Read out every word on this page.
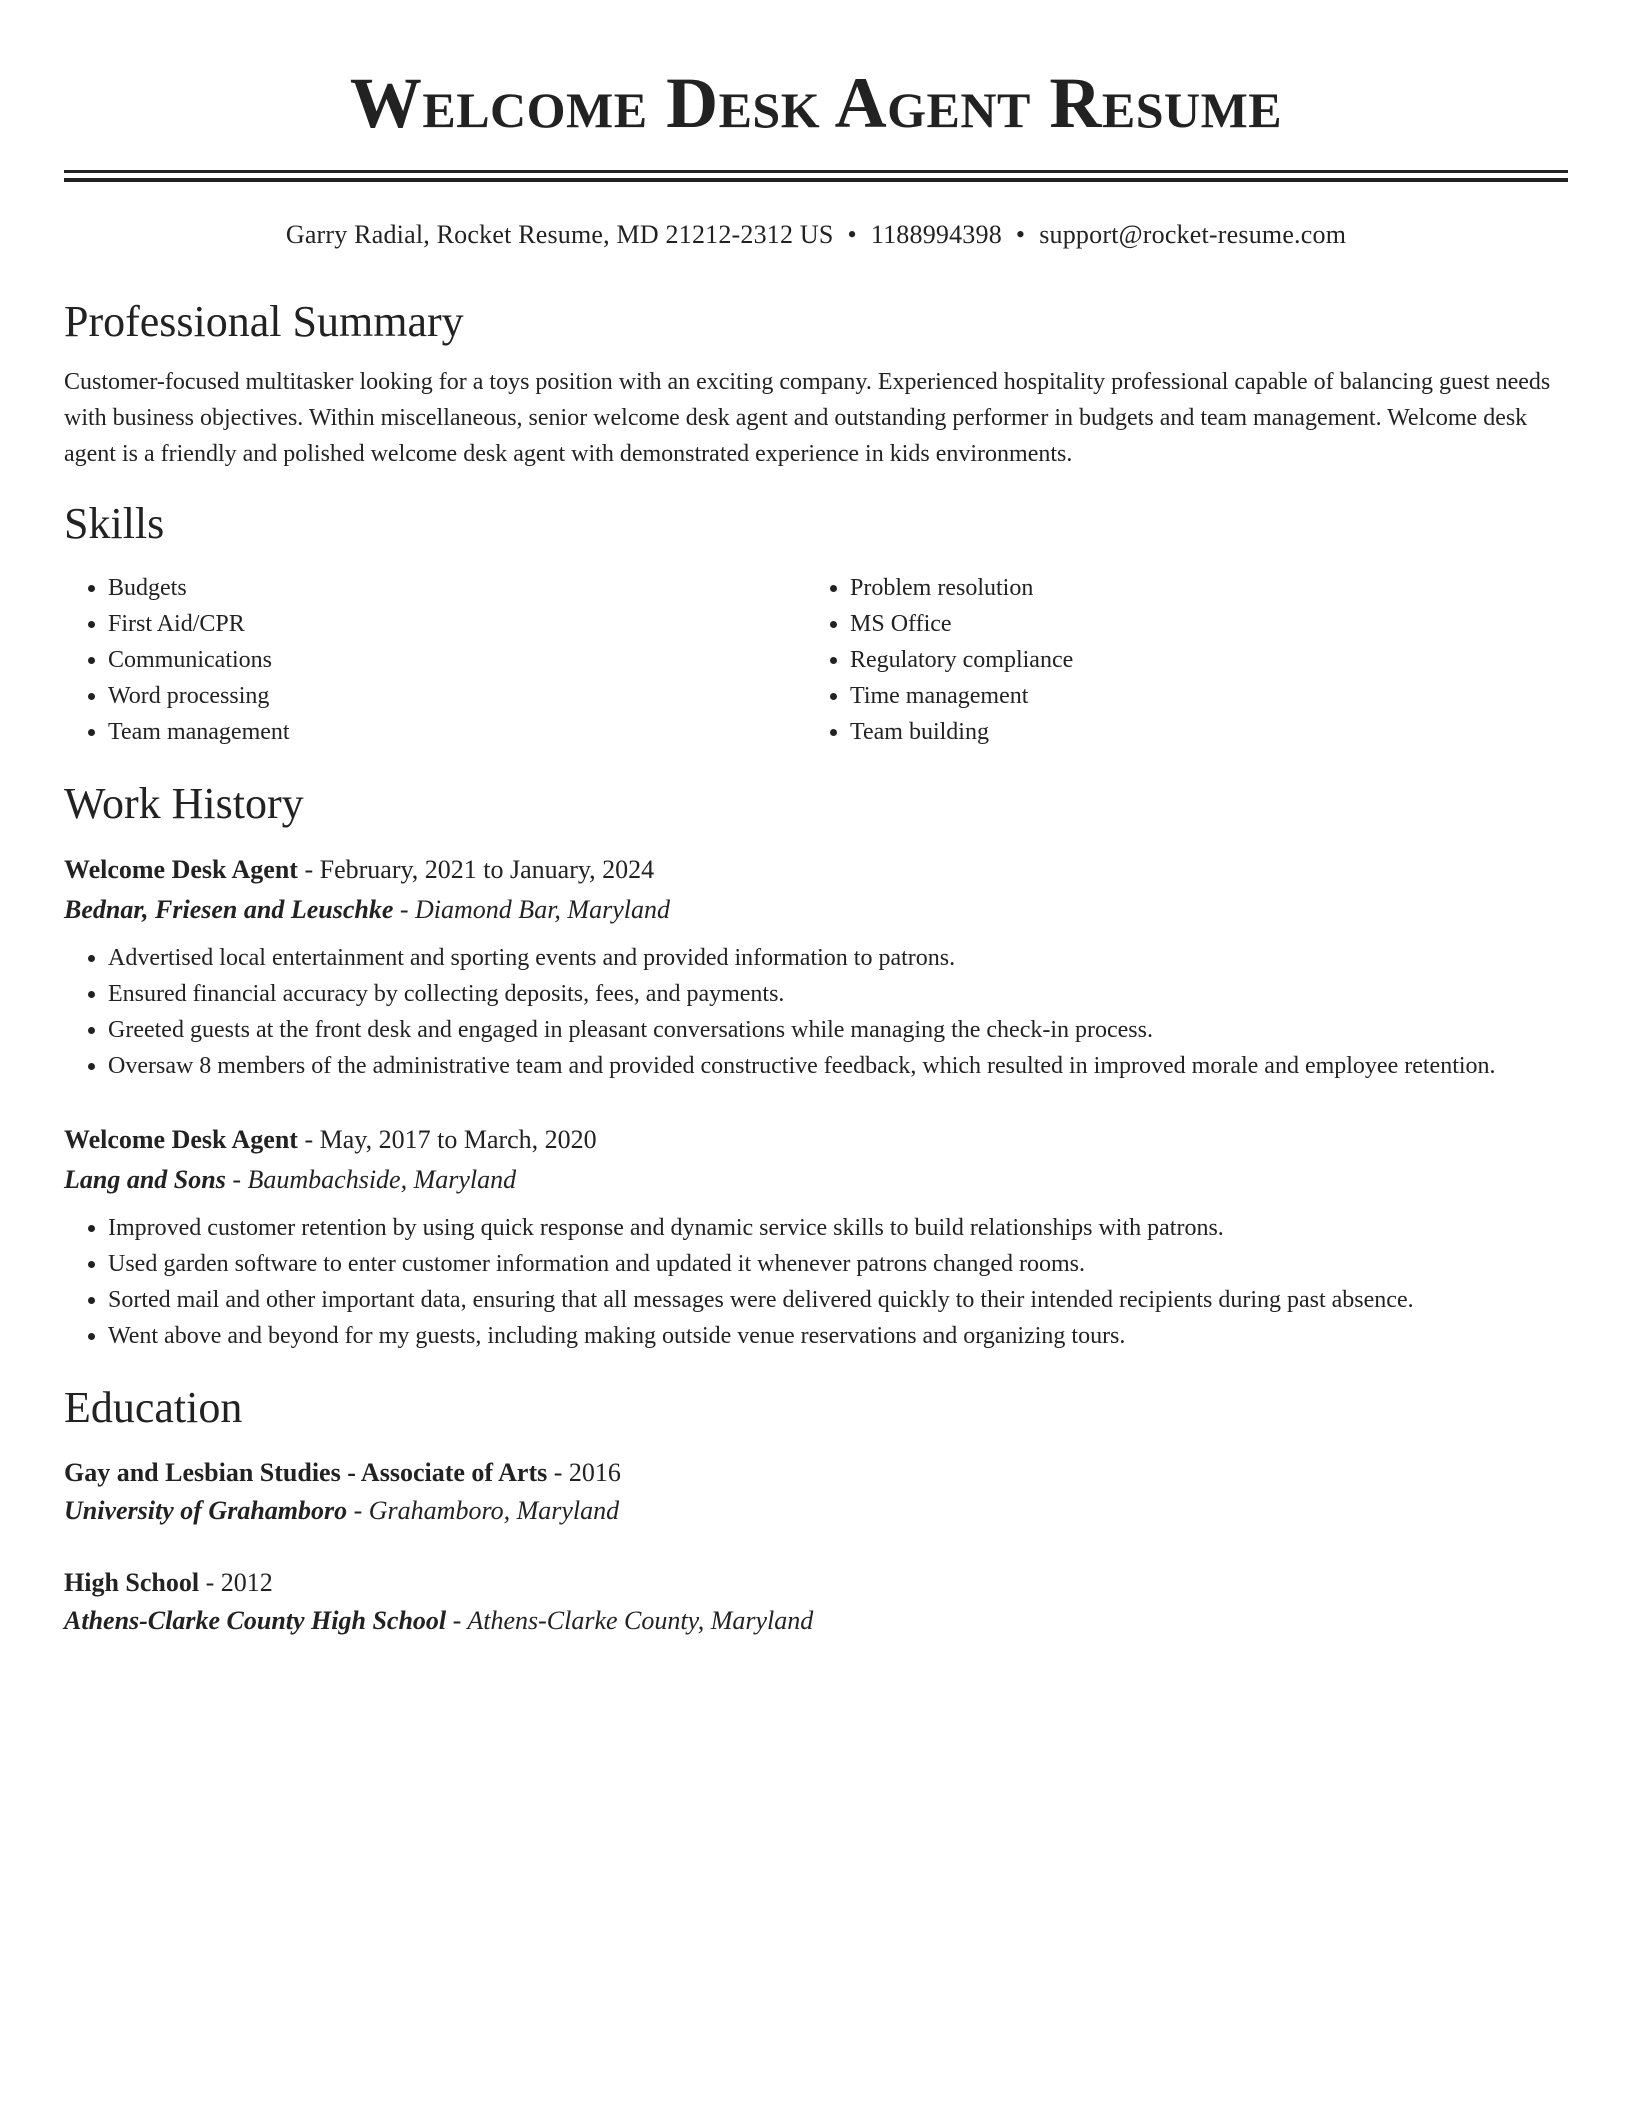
Welcome Desk Agent Resume
Garry Radial, Rocket Resume, MD 21212-2312 US • 1188994398 • support@rocket-resume.com
Professional Summary
Customer-focused multitasker looking for a toys position with an exciting company. Experienced hospitality professional capable of balancing guest needs with business objectives. Within miscellaneous, senior welcome desk agent and outstanding performer in budgets and team management. Welcome desk agent is a friendly and polished welcome desk agent with demonstrated experience in kids environments.
Skills
• Budgets
• First Aid/CPR
• Communications
• Word processing
• Team management
• Problem resolution
• MS Office
• Regulatory compliance
• Time management
• Team building
Work History
Welcome Desk Agent - February, 2021 to January, 2024
Bednar, Friesen and Leuschke - Diamond Bar, Maryland
• Advertised local entertainment and sporting events and provided information to patrons.
• Ensured financial accuracy by collecting deposits, fees, and payments.
• Greeted guests at the front desk and engaged in pleasant conversations while managing the check-in process.
• Oversaw 8 members of the administrative team and provided constructive feedback, which resulted in improved morale and employee retention.
Welcome Desk Agent - May, 2017 to March, 2020
Lang and Sons - Baumbachside, Maryland
• Improved customer retention by using quick response and dynamic service skills to build relationships with patrons.
• Used garden software to enter customer information and updated it whenever patrons changed rooms.
• Sorted mail and other important data, ensuring that all messages were delivered quickly to their intended recipients during past absence.
• Went above and beyond for my guests, including making outside venue reservations and organizing tours.
Education
Gay and Lesbian Studies - Associate of Arts - 2016
University of Grahamboro - Grahamboro, Maryland
High School - 2012
Athens-Clarke County High School - Athens-Clarke County, Maryland
